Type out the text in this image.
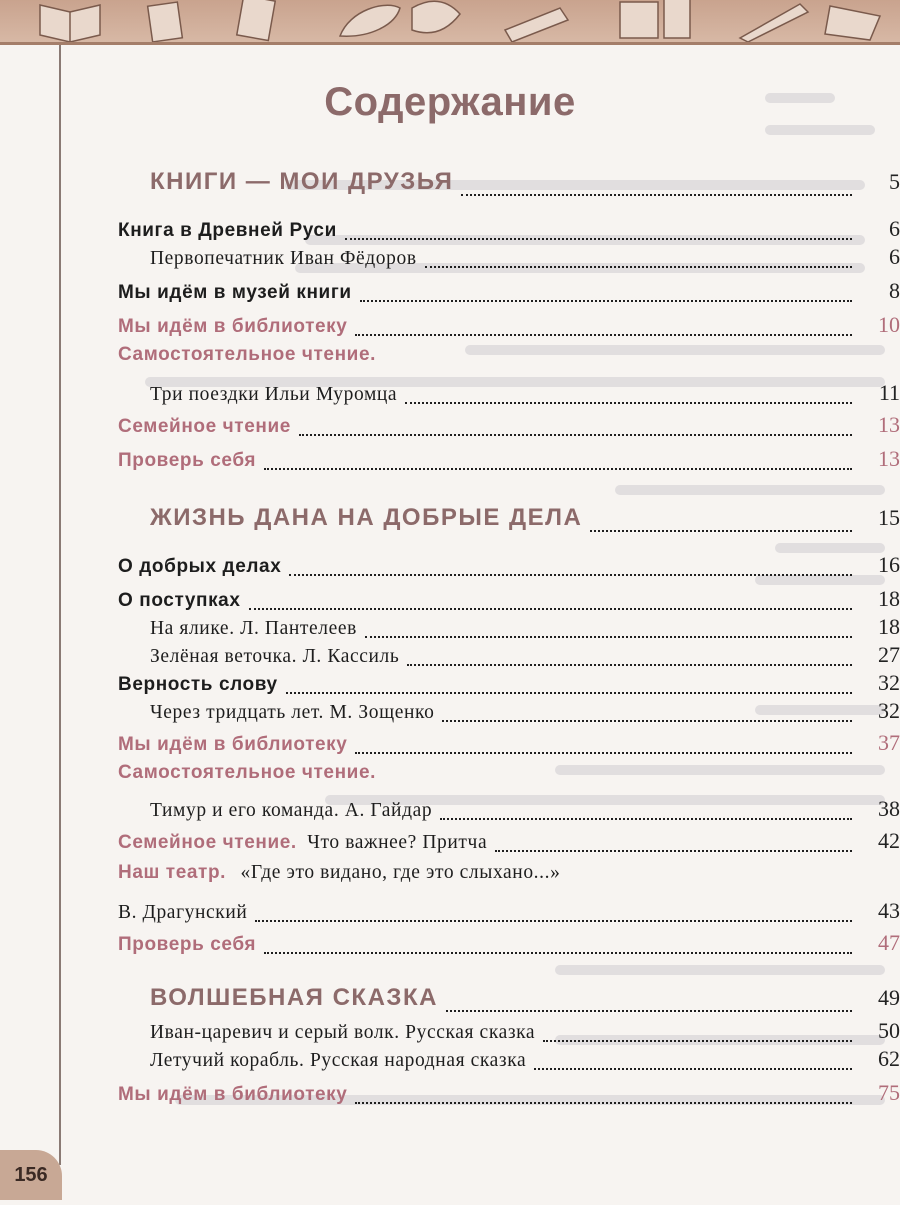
Содержание
КНИГИ — МОИ ДРУЗЬЯ	5
Книга в Древней Руси	6
Первопечатник Иван Фёдоров	6
Мы идём в музей книги	8
Мы идём в библиотеку	10
Самостоятельное чтение.
Три поездки Ильи Муромца	11
Семейное чтение	13
Проверь себя	13
ЖИЗНЬ ДАНА НА ДОБРЫЕ ДЕЛА	15
О добрых делах	16
О поступках	18
На ялике. Л. Пантелеев	18
Зелёная веточка. Л. Кассиль	27
Верность слову	32
Через тридцать лет. М. Зощенко	32
Мы идём в библиотеку	37
Самостоятельное чтение.
Тимур и его команда. А. Гайдар	38
Семейное чтение. Что важнее? Притча	42
Наш театр. «Где это видано, где это слыхано...»
В. Драгунский	43
Проверь себя	47
ВОЛШЕБНАЯ СКАЗКА	49
Иван-царевич и серый волк. Русская сказка	50
Летучий корабль. Русская народная сказка	62
Мы идём в библиотеку	75
156
